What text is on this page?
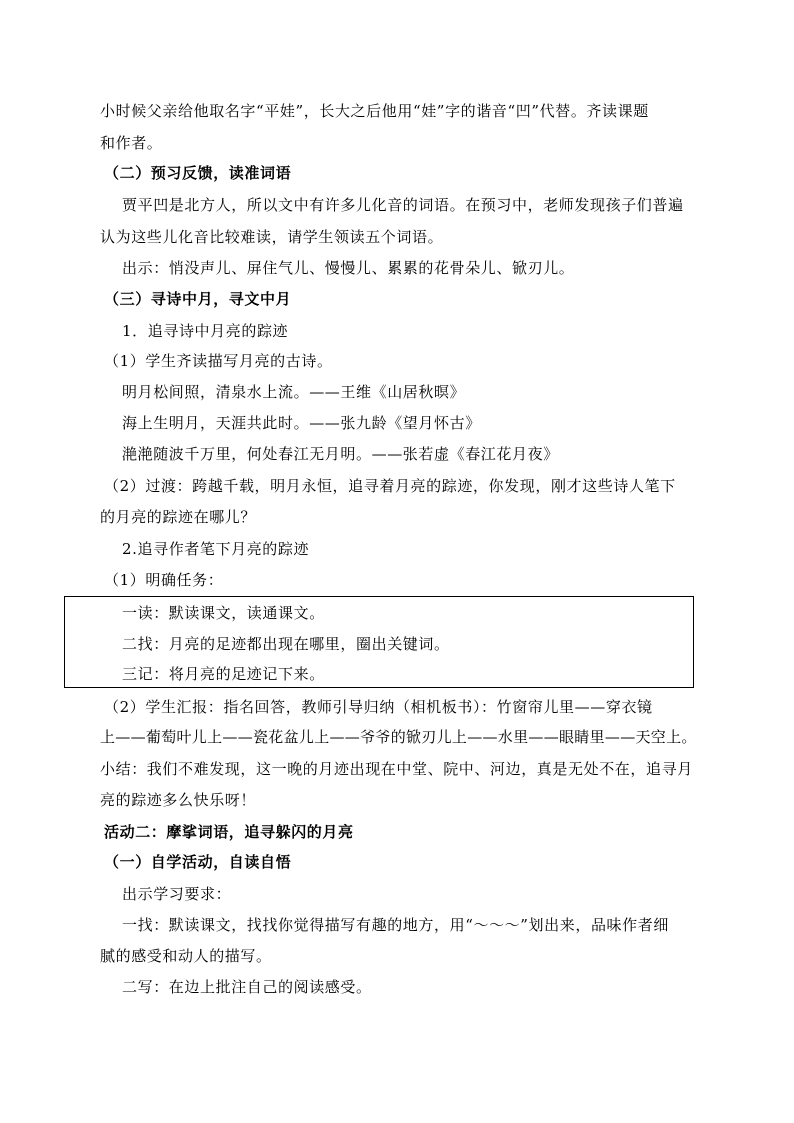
小时候父亲给他取名字“平娃”，长大之后他用“娃”字的谐音“凹”代替。齐读课题
和作者。
（二）预习反馈，读准词语
贾平凹是北方人，所以文中有许多儿化音的词语。在预习中，老师发现孩子们普遍
认为这些儿化音比较难读，请学生领读五个词语。
出示：悄没声儿、屏住气儿、慢慢儿、累累的花骨朵儿、锨刃儿。
（三）寻诗中月，寻文中月
1．追寻诗中月亮的踪迹
（1）学生齐读描写月亮的古诗。
明月松间照，清泉水上流。——王维《山居秋暝》
海上生明月，天涯共此时。——张九龄《望月怀古》
滟滟随波千万里，何处春江无月明。——张若虚《春江花月夜》
（2）过渡：跨越千载，明月永恒，追寻着月亮的踪迹，你发现，刚才这些诗人笔下
的月亮的踪迹在哪儿？
2.追寻作者笔下月亮的踪迹
（1）明确任务：
一读：默读课文，读通课文。
二找：月亮的足迹都出现在哪里，圈出关键词。
三记：将月亮的足迹记下来。
（2）学生汇报：指名回答，教师引导归纳（相机板书）：竹窗帘儿里——穿衣镜
上——葡萄叶儿上——瓷花盆儿上——爷爷的锨刃儿上——水里——眼睛里——天空上。
小结：我们不难发现，这一晚的月迹出现在中堂、院中、河边，真是无处不在，追寻月
亮的踪迹多么快乐呀！
活动二：摩挲词语，追寻躲闪的月亮
（一）自学活动，自读自悟
出示学习要求：
一找：默读课文，找找你觉得描写有趣的地方，用“～～～”划出来，品味作者细
腻的感受和动人的描写。
二写：在边上批注自己的阅读感受。
